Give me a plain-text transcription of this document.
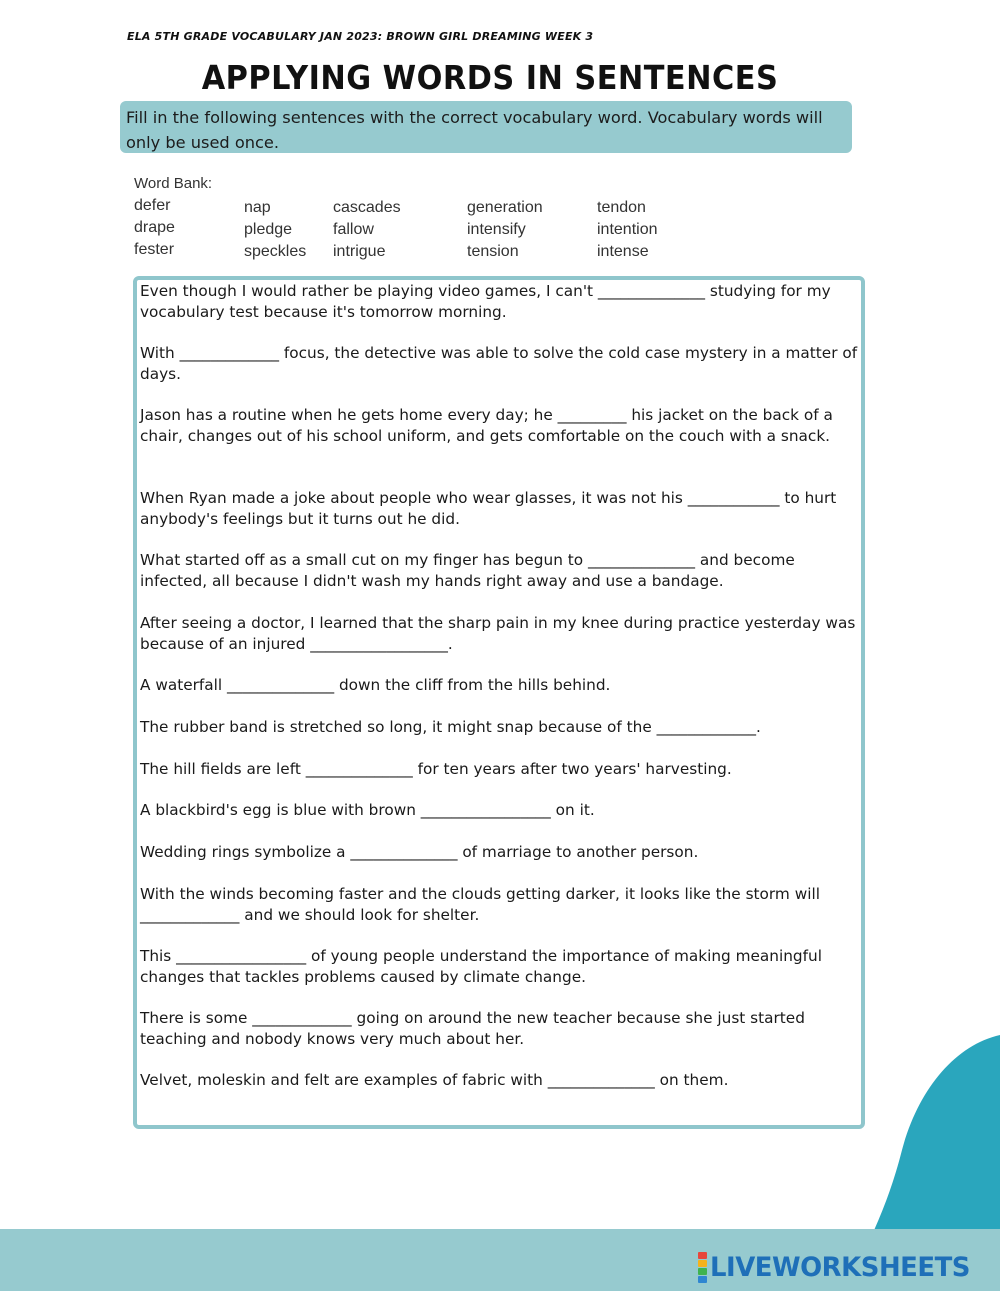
ELA 5TH GRADE VOCABULARY JAN 2023: BROWN GIRL DREAMING WEEK 3
APPLYING WORDS IN SENTENCES
Fill in the following sentences with the correct vocabulary word. Vocabulary words will only be used once.
Word Bank:
defer
drape
fester
nap
pledge
speckles
cascades
fallow
intrigue
generation
intensify
tension
tendon
intention
intense
Even though I would rather be playing video games, I can't ______________ studying for my vocabulary test because it's tomorrow morning.
With _____________ focus, the detective was able to solve the cold case mystery in a matter of days.
Jason has a routine when he gets home every day; he _________ his jacket on the back of a chair, changes out of his school uniform, and gets comfortable on the couch with a snack.
When Ryan made a joke about people who wear glasses, it was not his ____________ to hurt anybody's feelings but it turns out he did.
What started off as a small cut on my finger has begun to ______________ and become infected, all because I didn't wash my hands right away and use a bandage.
After seeing a doctor, I learned that the sharp pain in my knee during practice yesterday was because of an injured __________________.
A waterfall ______________ down the cliff from the hills behind.
The rubber band is stretched so long, it might snap because of the _____________.
The hill fields are left ______________ for ten years after two years' harvesting.
A blackbird's egg is blue with brown _________________ on it.
Wedding rings symbolize a ______________ of marriage to another person.
With the winds becoming faster and the clouds getting darker, it looks like the storm will _____________ and we should look for shelter.
This _________________ of young people understand the importance of making meaningful changes that tackles problems caused by climate change.
There is some _____________ going on around the new teacher because she just started teaching and nobody knows very much about her.
Velvet, moleskin and felt are examples of fabric with ______________ on them.
LIVEWORKSHEETS
